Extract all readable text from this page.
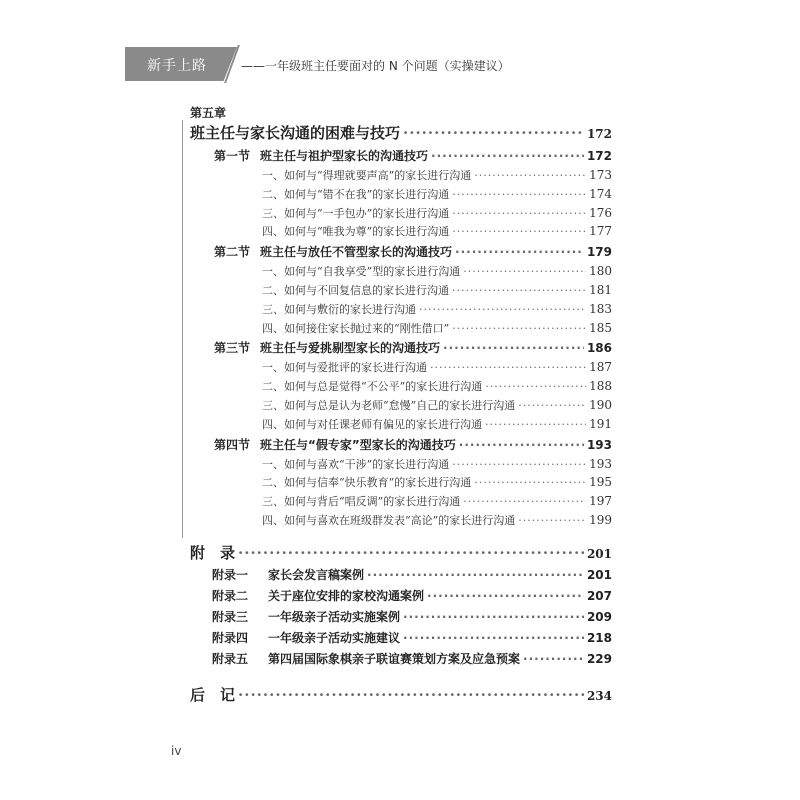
新手上路	——一年级班主任要面对的 N 个问题（实操建议）
第五章
班主任与家长沟通的困难与技巧 ·····	172
第一节 班主任与祖护型家长的沟通技巧 ·····	172
一、如何与“得理就要声高”的家长进行沟通 ·····	173
二、如何与“错不在我”的家长进行沟通 ·····	174
三、如何与“一手包办”的家长进行沟通 ·····	176
四、如何与“唯我为尊”的家长进行沟通 ·····	177
第二节 班主任与放任不管型家长的沟通技巧 ·····	179
一、如何与“自我享受”型的家长进行沟通 ·····	180
二、如何与不回复信息的家长进行沟通 ·····	181
三、如何与敷衍的家长进行沟通 ·····	183
四、如何接住家长抛过来的“刚性借口” ·····	185
第三节 班主任与爱挑剔型家长的沟通技巧 ·····	186
一、如何与爱批评的家长进行沟通 ·····	187
二、如何与总是觉得“不公平”的家长进行沟通 ·····	188
三、如何与总是认为老师“怠慢”自己的家长进行沟通 ·····	190
四、如何与对任课老师有偏见的家长进行沟通 ·····	191
第四节 班主任与“假专家”型家长的沟通技巧 ·····	193
一、如何与喜欢“干涉”的家长进行沟通 ·····	193
二、如何与信奉“快乐教育”的家长进行沟通 ·····	195
三、如何与背后“唱反调”的家长进行沟通 ·····	197
四、如何与喜欢在班级群发表“高论”的家长进行沟通 ·····	199
附　录 ·····	201
附录一	家长会发言稿案例 ·····	201
附录二	关于座位安排的家校沟通案例 ·····	207
附录三	一年级亲子活动实施案例 ·····	209
附录四	一年级亲子活动实施建议 ·····	218
附录五	第四届国际象棋亲子联谊赛策划方案及应急预案 ·····	229
后　记 ·····	234
iv
